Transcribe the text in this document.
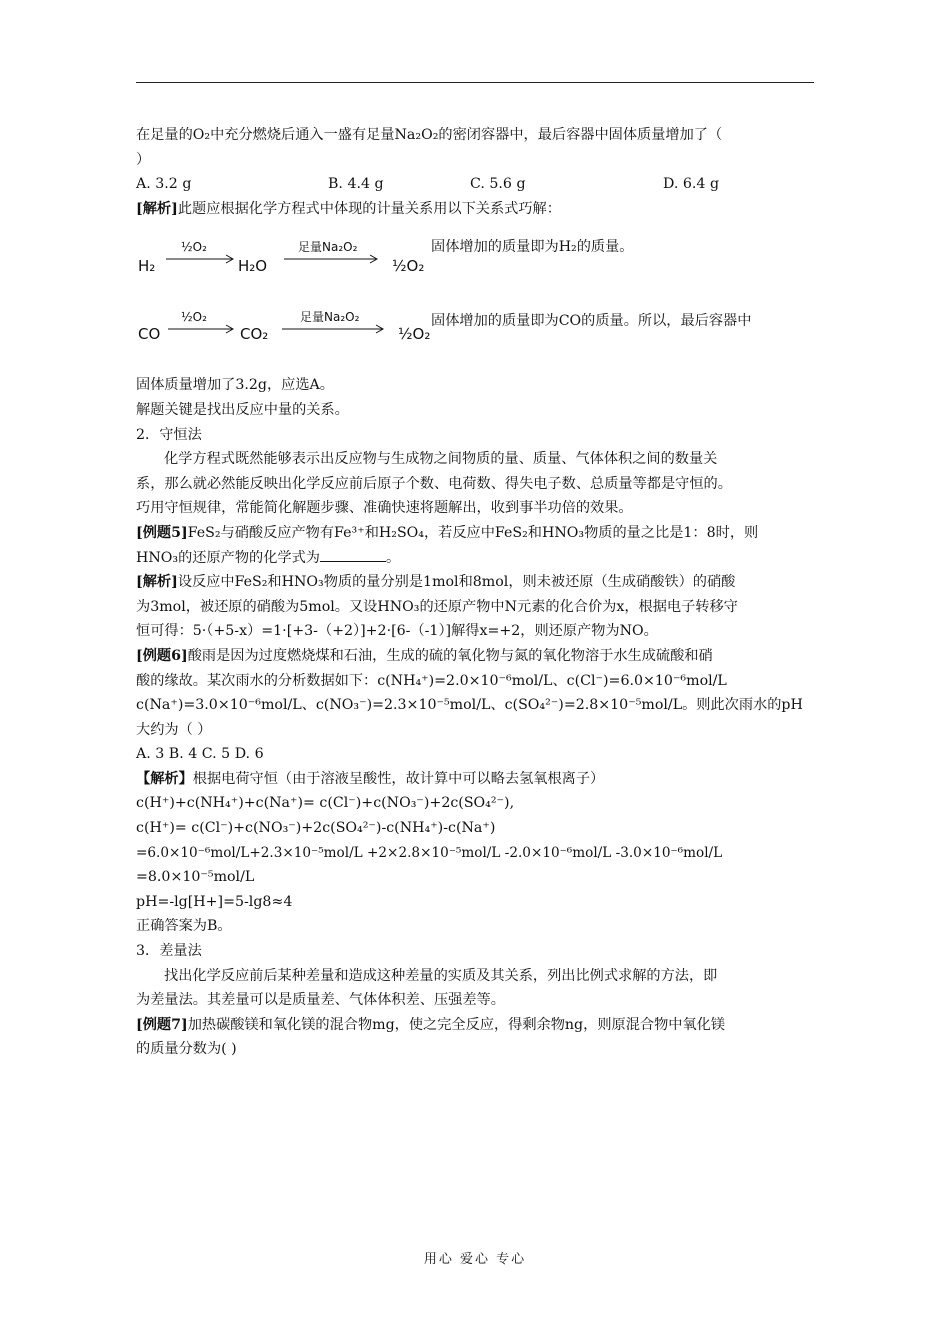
在足量的O₂中充分燃烧后通入一盛有足量Na₂O₂的密闭容器中，最后容器中固体质量增加了（
）
A. 3.2 g	B. 4.4 g	C. 5.6 g	D. 6.4 g
[解析]此题应根据化学方程式中体现的计量关系用以下关系式巧解：
H₂
½O₂
H₂O
足量Na₂O₂
½O₂
固体增加的质量即为H₂的质量。
CO
½O₂
CO₂
足量Na₂O₂
½O₂
固体增加的质量即为CO的质量。所以，最后容器中
固体质量增加了3.2g，应选A。
解题关键是找出反应中量的关系。
2．守恒法
化学方程式既然能够表示出反应物与生成物之间物质的量、质量、气体体积之间的数量关
系，那么就必然能反映出化学反应前后原子个数、电荷数、得失电子数、总质量等都是守恒的。
巧用守恒规律，常能简化解题步骤、准确快速将题解出，收到事半功倍的效果。
[例题5]FeS₂与硝酸反应产物有Fe³⁺和H₂SO₄，若反应中FeS₂和HNO₃物质的量之比是1：8时，则
HNO₃的还原产物的化学式为	。
[解析]设反应中FeS₂和HNO₃物质的量分别是1mol和8mol，则未被还原（生成硝酸铁）的硝酸
为3mol，被还原的硝酸为5mol。又设HNO₃的还原产物中N元素的化合价为x，根据电子转移守
恒可得：5·（+5-x）=1·[+3-（+2）]+2·[6-（-1）]解得x=+2，则还原产物为NO。
[例题6]酸雨是因为过度燃烧煤和石油，生成的硫的氧化物与氮的氧化物溶于水生成硫酸和硝
酸的缘故。某次雨水的分析数据如下：c(NH₄⁺)=2.0×10⁻⁶mol/L、c(Cl⁻)=6.0×10⁻⁶mol/L
c(Na⁺)=3.0×10⁻⁶mol/L、c(NO₃⁻)=2.3×10⁻⁵mol/L、c(SO₄²⁻)=2.8×10⁻⁵mol/L。则此次雨水的pH
大约为（ ）
A. 3 B. 4 C. 5 D. 6
【解析】根据电荷守恒（由于溶液呈酸性，故计算中可以略去氢氧根离子）
c(H⁺)+c(NH₄⁺)+c(Na⁺)= c(Cl⁻)+c(NO₃⁻)+2c(SO₄²⁻),
c(H⁺)= c(Cl⁻)+c(NO₃⁻)+2c(SO₄²⁻)-c(NH₄⁺)-c(Na⁺)
=6.0×10⁻⁶mol/L+2.3×10⁻⁵mol/L +2×2.8×10⁻⁵mol/L -2.0×10⁻⁶mol/L -3.0×10⁻⁶mol/L
=8.0×10⁻⁵mol/L
pH=-lg[H+]=5-lg8≈4
正确答案为B。
3．差量法
找出化学反应前后某种差量和造成这种差量的实质及其关系，列出比例式求解的方法，即
为差量法。其差量可以是质量差、气体体积差、压强差等。
[例题7]加热碳酸镁和氧化镁的混合物mg，使之完全反应，得剩余物ng，则原混合物中氧化镁
的质量分数为( )
用心 爱心 专心
